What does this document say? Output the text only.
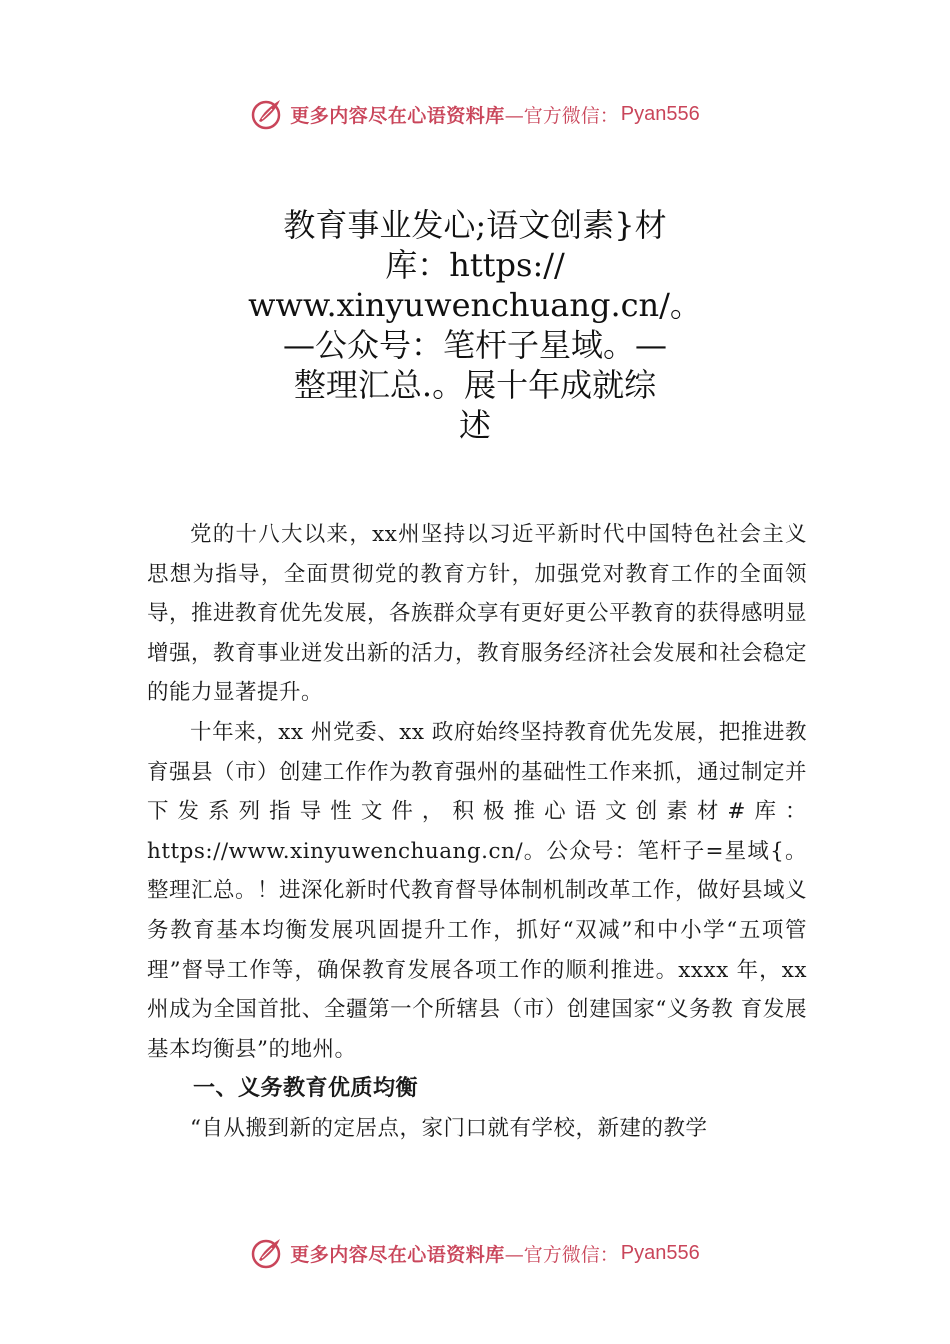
更多内容尽在心语资料库 —官方微信： Pyan556
教育事业发心;语文创素}材
库：https://
www.xinyuwenchuang.cn/。
—公众号：笔杆子星域。—
整理汇总.。展十年成就综
述

党的十八大以来，xx州坚持以习近平新时代中国特色社会主义思想为指导，全面贯彻党的教育方针，加强党对教育工作的全面领导，推进教育优先发展，各族群众享有更好更公平教育的获得感明显增强，教育事业迸发出新的活力，教育服务经济社会发展和社会稳定的能力显著提升。

十年来，xx 州党委、xx 政府始终坚持教育优先发展，把推进教育强县（市）创建工作作为教育强州的基础性工作来抓，通过制定并下发系列指导性文件，积极推心语文创素材#库：https://www.xinyuwenchuang.cn/。公众号：笔杆子=星域{。整理汇总。！进深化新时代教育督导体制机制改革工作，做好县域义务教育基本均衡发展巩固提升工作，抓好“双减”和中小学“五项管理”督导工作等，确保教育发展各项工作的顺利推进。xxxx 年，xx 州成为全国首批、全疆第一个所辖县（市）创建国家“义务教 育发展基本均衡县”的地州。

一、义务教育优质均衡

“自从搬到新的定居点，家门口就有学校，新建的教学

更多内容尽在心语资料库 —官方微信： Pyan556
